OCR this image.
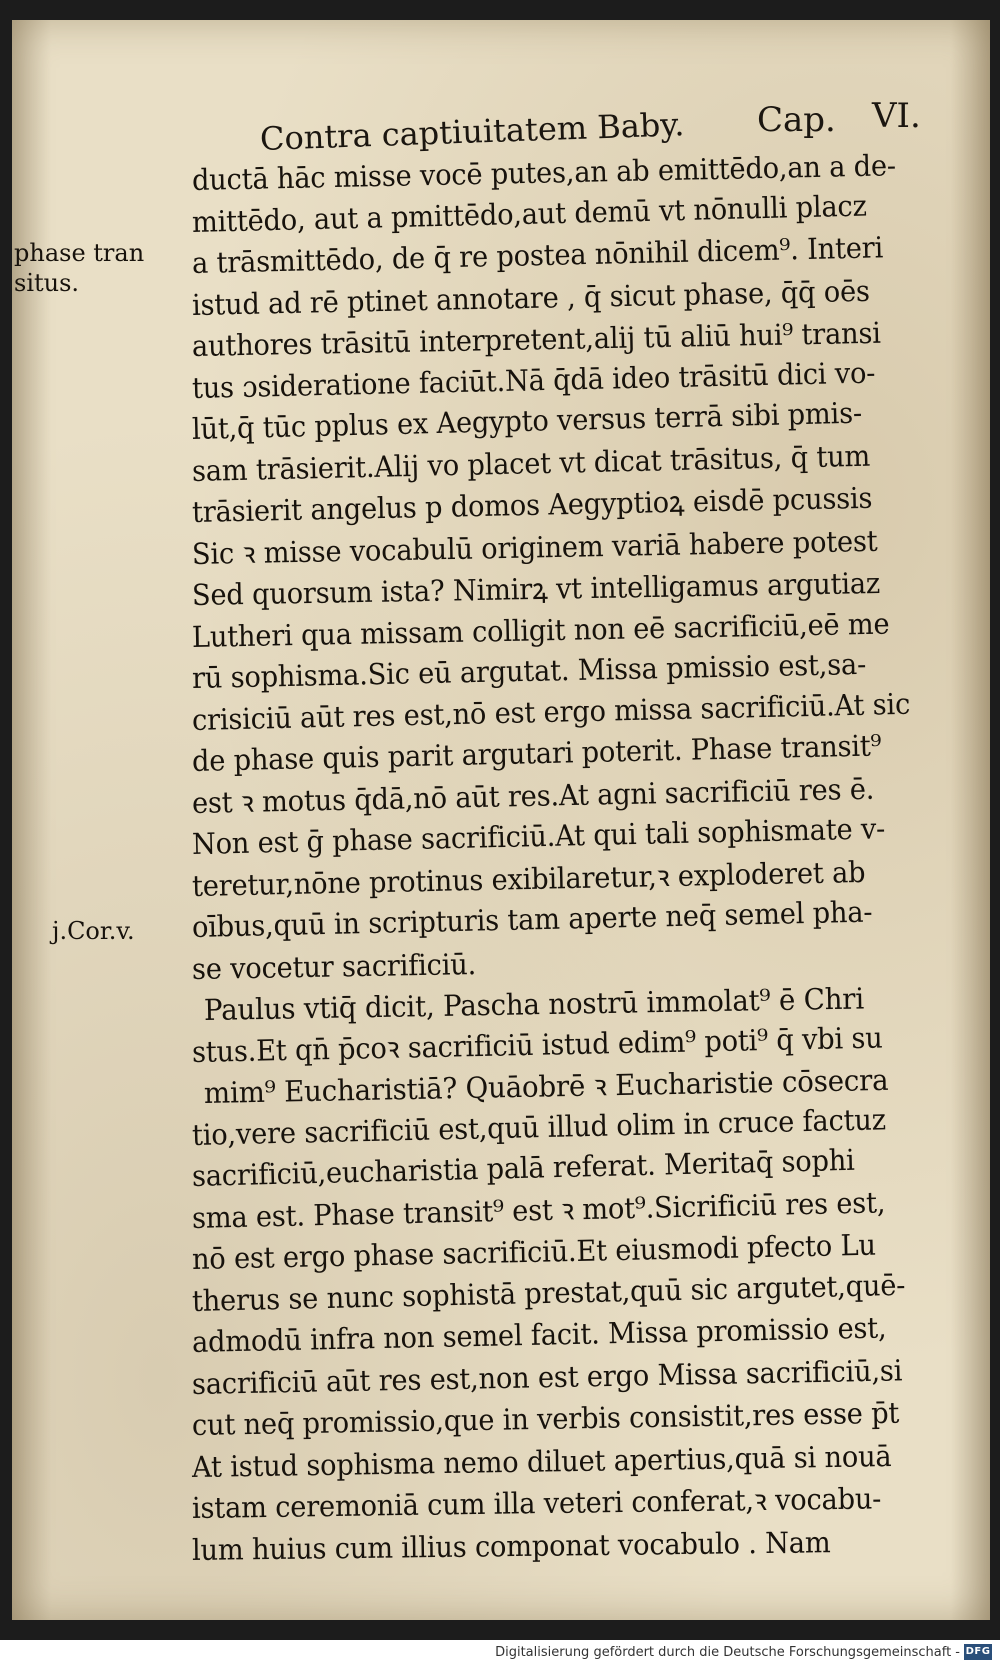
Contra captiuitatem Baby. Cap. VI.
phase tran
situs.
j.Cor.v.
ductā hāc misse vocē putes,an ab emittēdo,an a de-
mittēdo, aut a pmittēdo,aut demū vt nōnulli placz
a trāsmittēdo, de q̄ re postea nōnihil dicem⁹. Interi
istud ad rē ptinet annotare , q̄ sicut phase, q̄q̄ oēs
authores trāsitū interpretent,alij tū aliū hui⁹ transi
tus ɔsideratione faciūt.Nā q̄dā ideo trāsitū dici vo-
lūt,q̄ tūc pplus ex Aegypto versus terrā sibi pmis-
sam trāsierit.Alij vo placet vt dicat trāsitus, q̄ tum
trāsierit angelus p domos Aegyptioꝝ eisdē pcussis
Sic ꝛ misse vocabulū originem variā habere potest
Sed quorsum ista? Nimirꝝ vt intelligamus argutiaz
Lutheri qua missam colligit non eē sacrificiū,eē me
rū sophisma.Sic eū argutat. Missa pmissio est,sa-
crisiciū aūt res est,nō est ergo missa sacrificiū.At sic
de phase quis parit argutari poterit. Phase transit⁹
est ꝛ motus q̄dā,nō aūt res.At agni sacrificiū res ē.
Non est ḡ phase sacrificiū.At qui tali sophismate v-
teretur,nōne protinus exibilaretur,ꝛ exploderet ab
oībus,quū in scripturis tam aperte neq̄ semel pha-
se vocetur sacrificiū.
Paulus vtiq̄ dicit, Pascha nostrū immolat⁹ ē Chri
stus.Et qn̄ p̄coꝛ sacrificiū istud edim⁹ poti⁹ q̄ vbi su
mim⁹ Eucharistiā? Quāobrē ꝛ Eucharistie cōsecra
tio,vere sacrificiū est,quū illud olim in cruce factuz
sacrificiū,eucharistia palā referat. Meritaq̄ sophi
sma est. Phase transit⁹ est ꝛ mot⁹.Sicrificiū res est,
nō est ergo phase sacrificiū.Et eiusmodi pfecto Lu
therus se nunc sophistā prestat,quū sic argutet,quē-
admodū infra non semel facit. Missa promissio est,
sacrificiū aūt res est,non est ergo Missa sacrificiū,si
cut neq̄ promissio,que in verbis consistit,res esse p̄t
At istud sophisma nemo diluet apertius,quā si nouā
istam ceremoniā cum illa veteri conferat,ꝛ vocabu-
lum huius cum illius componat vocabulo . Nam
Digitalisierung gefördert durch die Deutsche Forschungsgemeinschaft - DFG
